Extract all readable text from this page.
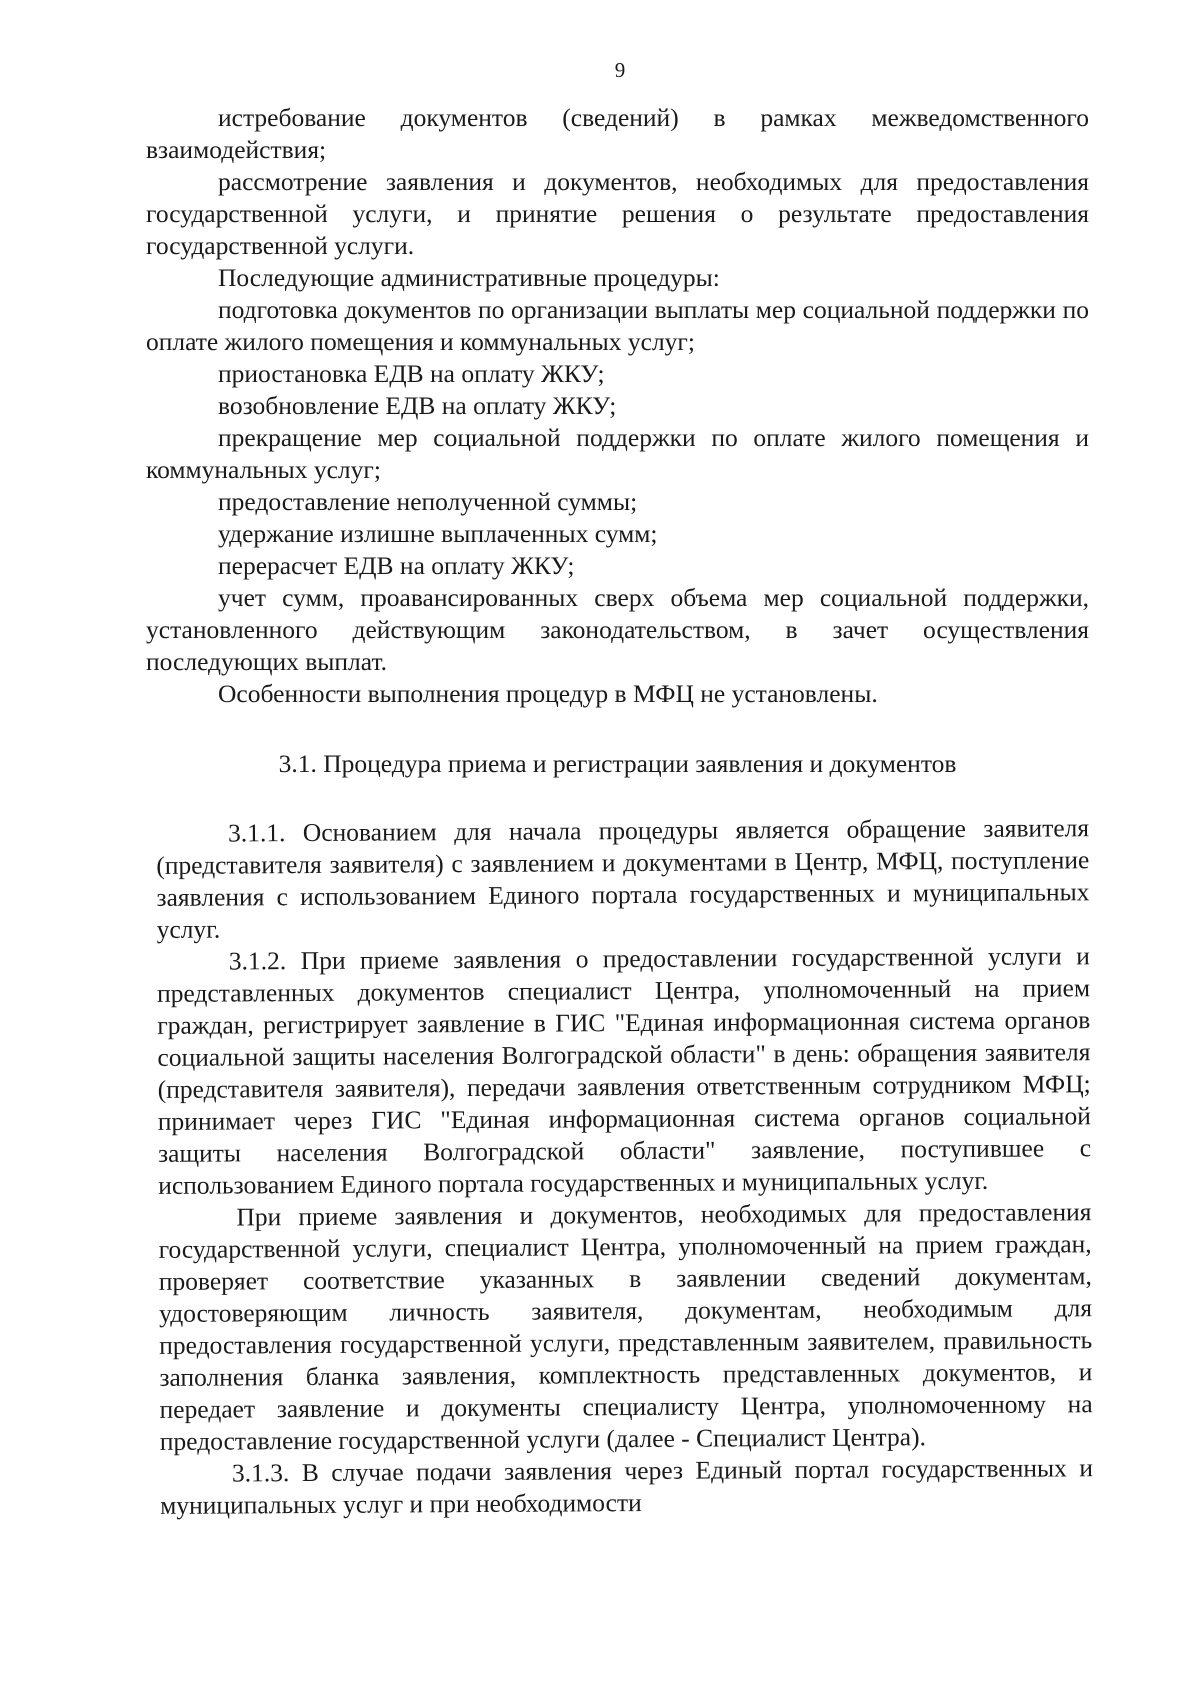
9

истребование документов (сведений) в рамках межведомственного взаимодействия;

рассмотрение заявления и документов, необходимых для предоставления государственной услуги, и принятие решения о результате предоставления государственной услуги.

Последующие административные процедуры:

подготовка документов по организации выплаты мер социальной поддержки по оплате жилого помещения и коммунальных услуг;

приостановка ЕДВ на оплату ЖКУ;

возобновление ЕДВ на оплату ЖКУ;

прекращение мер социальной поддержки по оплате жилого помещения и коммунальных услуг;

предоставление неполученной суммы;

удержание излишне выплаченных сумм;

перерасчет ЕДВ на оплату ЖКУ;

учет сумм, проавансированных сверх объема мер социальной поддержки, установленного действующим законодательством, в зачет осуществления последующих выплат.

Особенности выполнения процедур в МФЦ не установлены.

3.1. Процедура приема и регистрации заявления и документов

3.1.1. Основанием для начала процедуры является обращение заявителя (представителя заявителя) с заявлением и документами в Центр, МФЦ, поступление заявления с использованием Единого портала государственных и муниципальных услуг.

3.1.2. При приеме заявления о предоставлении государственной услуги и представленных документов специалист Центра, уполномоченный на прием граждан, регистрирует заявление в ГИС "Единая информационная система органов социальной защиты населения Волгоградской области" в день: обращения заявителя (представителя заявителя), передачи заявления ответственным сотрудником МФЦ; принимает через ГИС "Единая информационная система органов социальной защиты населения Волгоградской области" заявление, поступившее с использованием Единого портала государственных и муниципальных услуг.

При приеме заявления и документов, необходимых для предоставления государственной услуги, специалист Центра, уполномоченный на прием граждан, проверяет соответствие указанных в заявлении сведений документам, удостоверяющим личность заявителя, документам, необходимым для предоставления государственной услуги, представленным заявителем, правильность заполнения бланка заявления, комплектность представленных документов, и передает заявление и документы специалисту Центра, уполномоченному на предоставление государственной услуги (далее - Специалист Центра).

3.1.3. В случае подачи заявления через Единый портал государственных и муниципальных услуг и при необходимости
